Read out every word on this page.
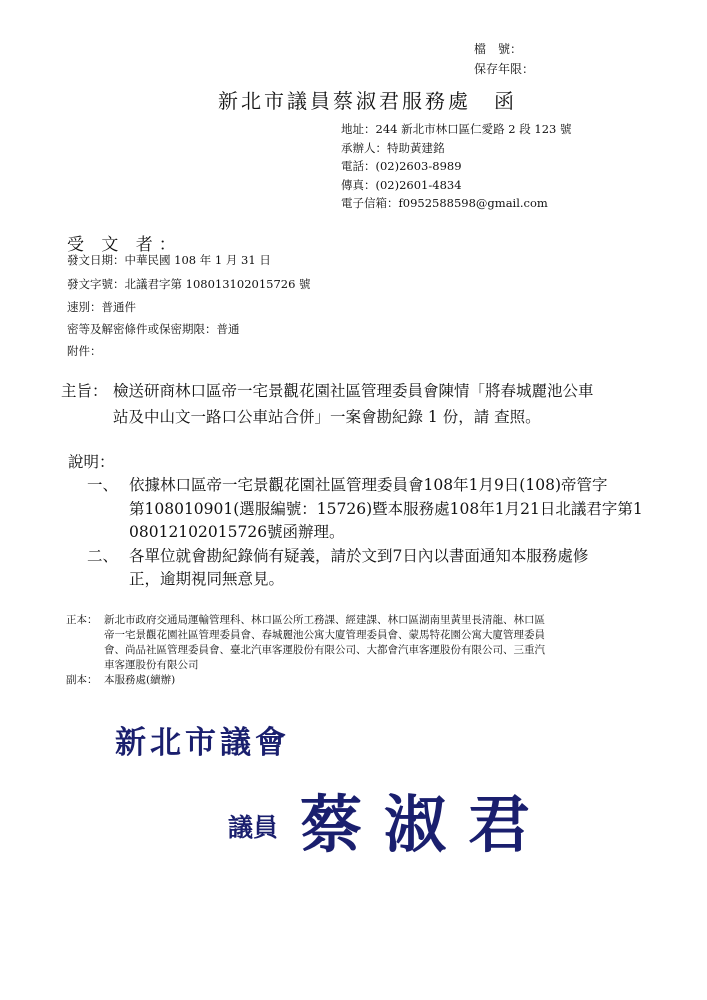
檔　號：
保存年限：
新北市議員蔡淑君服務處　函
地址：244 新北市林口區仁愛路 2 段 123 號
承辦人：特助黃建銘
電話：(02)2603-8989
傳真：(02)2601-4834
電子信箱：f0952588598@gmail.com
受 文 者：
發文日期：中華民國 108 年 1 月 31 日
發文字號：北議君字第 108013102015726 號
速別：普通件
密等及解密條件或保密期限：普通
附件：
主旨： 檢送研商林口區帝一宅景觀花園社區管理委員會陳情「將春城麗池公車
站及中山文一路口公車站合併」一案會勘紀錄 1 份，請 查照。
說明：
一、 依據林口區帝一宅景觀花園社區管理委員會108年1月9日(108)帝管字
第108010901(選服編號：15726)暨本服務處108年1月21日北議君字第1
08012102015726號函辦理。
二、 各單位就會勘紀錄倘有疑義，請於文到7日內以書面通知本服務處修
正，逾期視同無意見。
正本： 新北市政府交通局運輸管理科、林口區公所工務課、經建課、林口區湖南里黃里長清龍、林口區
帝一宅景觀花園社區管理委員會、春城麗池公寓大廈管理委員會、蒙馬特花園公寓大廈管理委員
會、尚品社區管理委員會、臺北汽車客運股份有限公司、大都會汽車客運股份有限公司、三重汽
車客運股份有限公司
副本： 本服務處(續辦)
新北市議會
議員 蔡淑君
